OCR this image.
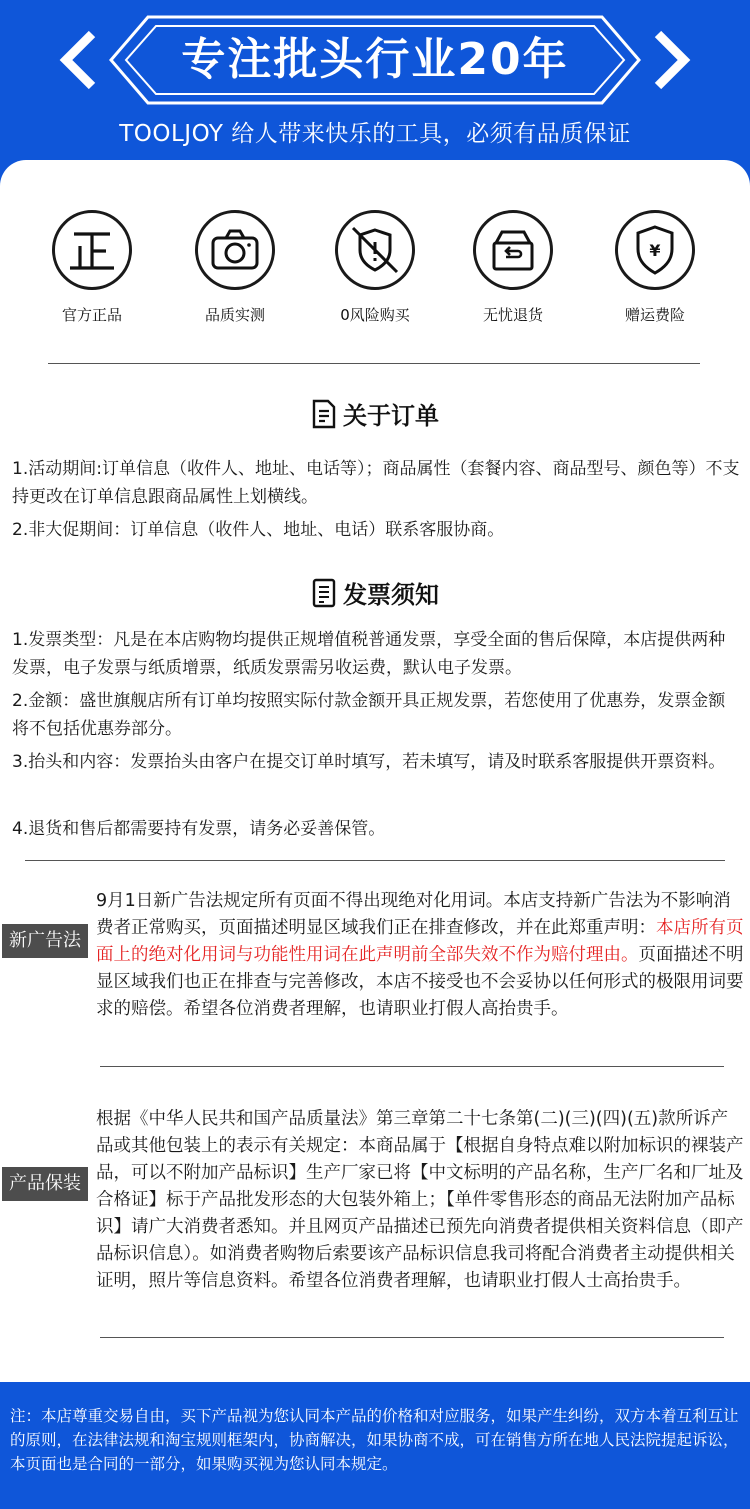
专注批头行业20年
TOOLJOY 给人带来快乐的工具，必须有品质保证
官方正品	品质实测	0风险购买	无忧退货
¥
赠运费险
关于订单
1.活动期间:订单信息（收件人、地址、电话等）；商品属性（套餐内容、商品型号、颜色等）不支持更改在订单信息跟商品属性上划横线。
2.非大促期间：订单信息（收件人、地址、电话）联系客服协商。
发票须知
1.发票类型：凡是在本店购物均提供正规增值税普通发票，享受全面的售后保障，本店提供两种发票，电子发票与纸质增票，纸质发票需另收运费，默认电子发票。
2.金额：盛世旗舰店所有订单均按照实际付款金额开具正规发票，若您使用了优惠券，发票金额将不包括优惠券部分。
3.抬头和内容：发票抬头由客户在提交订单时填写，若未填写，请及时联系客服提供开票资料。
4.退货和售后都需要持有发票，请务必妥善保管。
新广告法
9月1日新广告法规定所有页面不得出现绝对化用词。本店支持新广告法为不影响消费者正常购买，页面描述明显区域我们正在排查修改，并在此郑重声明：本店所有页面上的绝对化用词与功能性用词在此声明前全部失效不作为赔付理由。页面描述不明显区域我们也正在排查与完善修改，本店不接受也不会妥协以任何形式的极限用词要求的赔偿。希望各位消费者理解，也请职业打假人高抬贵手。
产品保装
根据《中华人民共和国产品质量法》第三章第二十七条第(二)(三)(四)(五)款所诉产品或其他包装上的表示有关规定：本商品属于【根据自身特点难以附加标识的裸装产品，可以不附加产品标识】生产厂家已将【中文标明的产品名称，生产厂名和厂址及合格证】标于产品批发形态的大包装外箱上；【单件零售形态的商品无法附加产品标识】请广大消费者悉知。并且网页产品描述已预先向消费者提供相关资料信息（即产品标识信息）。如消费者购物后索要该产品标识信息我司将配合消费者主动提供相关证明，照片等信息资料。希望各位消费者理解，也请职业打假人士高抬贵手。
注：本店尊重交易自由，买下产品视为您认同本产品的价格和对应服务，如果产生纠纷，双方本着互利互让的原则，在法律法规和淘宝规则框架内，协商解决，如果协商不成，可在销售方所在地人民法院提起诉讼，本页面也是合同的一部分，如果购买视为您认同本规定。
